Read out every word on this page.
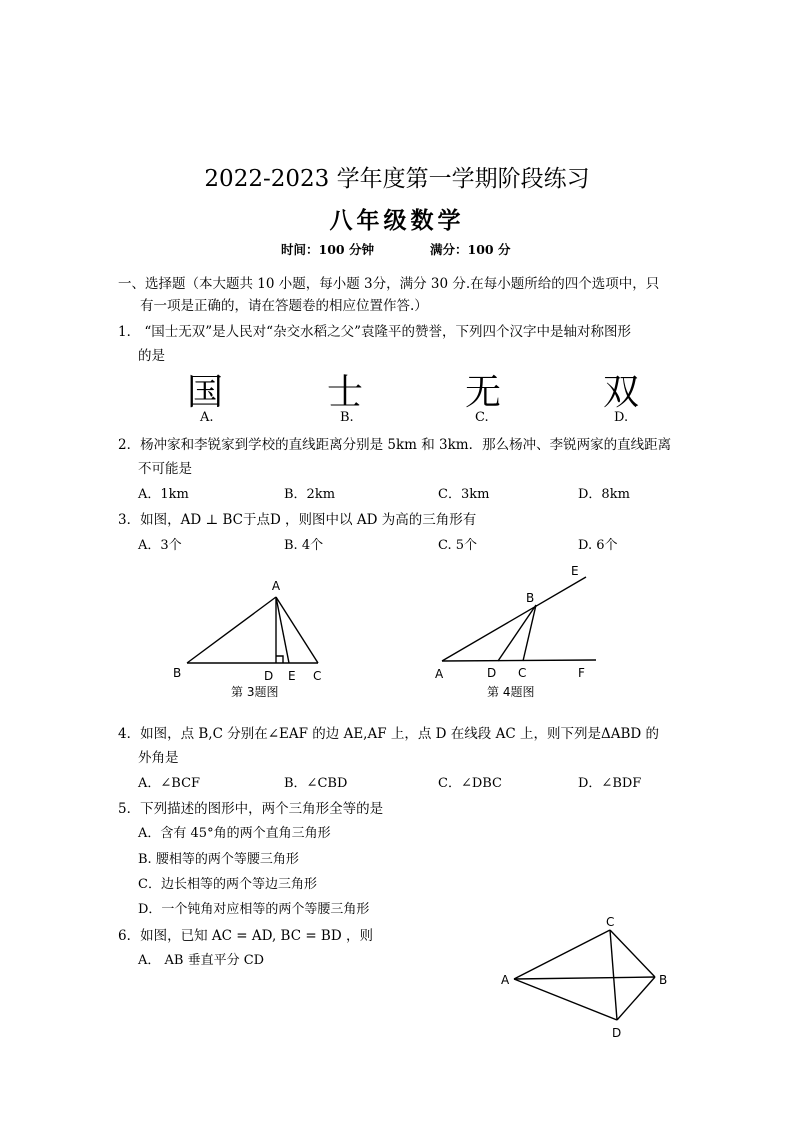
2022-2023 学年度第一学期阶段练习
八年级数学
时间：100 分钟	满分：100 分
一、选择题（本大题共 10 小题，每小题 3分，满分 30 分.在每小题所给的四个选项中，只
有一项是正确的，请在答题卷的相应位置作答.）
1． “国士无双”是人民对“杂交水稻之父”袁隆平的赞誉，下列四个汉字中是轴对称图形
的是
国	士	无	双
A.	B.	C.	D.
2．杨冲家和李锐家到学校的直线距离分别是 5km 和 3km．那么杨冲、李锐两家的直线距离
不可能是
A．1km	B．2km	C．3km	D．8km
3．如图，AD ⊥ BC于点D ，则图中以 AD 为高的三角形有
A．3个	B. 4个	C. 5个	D. 6个
A
B	D E C
第 3题图
E
B
A	D C	F
第 4题图
4．如图，点 B,C 分别在∠EAF 的边 AE,AF 上，点 D 在线段 AC 上，则下列是ΔABD 的
外角是
A．∠BCF	B．∠CBD	C．∠DBC	D．∠BDF
5．下列描述的图形中，两个三角形全等的是
A．含有 45°角的两个直角三角形
B. 腰相等的两个等腰三角形
C．边长相等的两个等边三角形
D．一个钝角对应相等的两个等腰三角形
6．如图，已知 AC = AD, BC = BD ，则
A． AB 垂直平分 CD
C
A	B
D
